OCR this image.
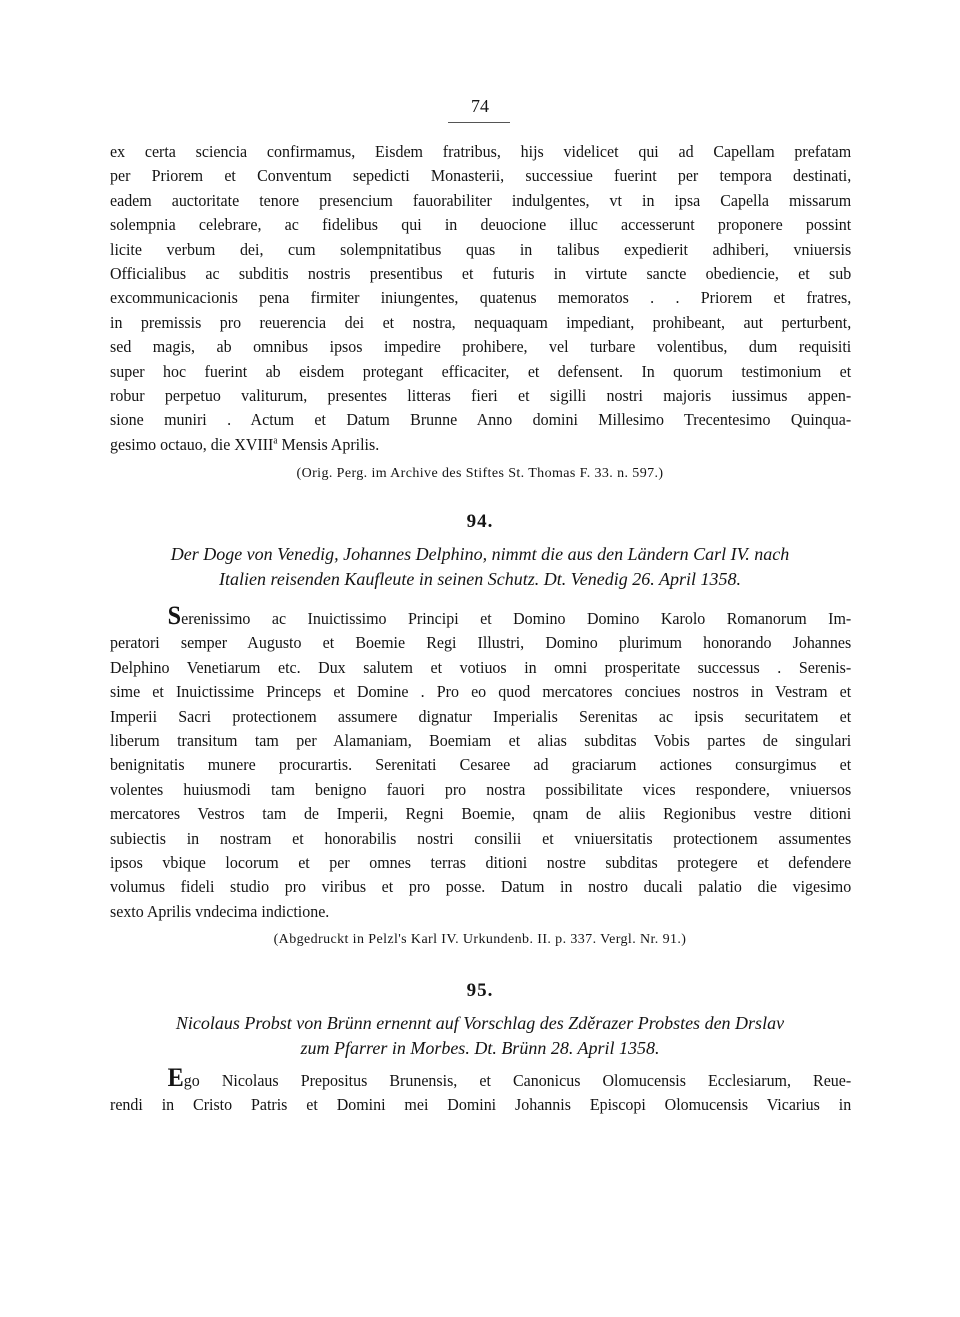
74
ex certa sciencia confirmamus, Eisdem fratribus, hijs videlicet qui ad Capellam prefatam
per Priorem et Conventum sepedicti Monasterii, successiue fuerint per tempora destinati,
eadem auctoritate tenore presencium fauorabiliter indulgentes, vt in ipsa Capella missarum
solempnia celebrare, ac fidelibus qui in deuocione illuc accesserunt proponere possint
licite verbum dei, cum solempnitatibus quas in talibus expedierit adhiberi, vniuersis
Officialibus ac subditis nostris presentibus et futuris in virtute sancte obediencie, et sub
excommunicacionis pena firmiter iniungentes, quatenus memoratos . . Priorem et fratres,
in premissis pro reuerencia dei et nostra, nequaquam impediant, prohibeant, aut perturbent,
sed magis, ab omnibus ipsos impedire prohibere, vel turbare volentibus, dum requisiti
super hoc fuerint ab eisdem protegant efficaciter, et defensent. In quorum testimonium et
robur perpetuo valiturum, presentes litteras fieri et sigilli nostri majoris iussimus appen-
sione muniri . Actum et Datum Brunne Anno domini Millesimo Trecentesimo Quinqua-
gesimo octauo, die XVIII$^a$ Mensis Aprilis.
(Orig. Perg. im Archive des Stiftes St. Thomas F. 33. n. 597.)
94.
Der Doge von Venedig, Johannes Delphino, nimmt die aus den Ländern Carl IV. nach
Italien reisenden Kaufleute in seinen Schutz. Dt. Venedig 26. April 1358.
Serenissimo ac Inuictissimo Principi et Domino Domino Karolo Romanorum Im-
peratori semper Augusto et Boemie Regi Illustri, Domino plurimum honorando Johannes
Delphino Venetiarum etc. Dux salutem et votiuos in omni prosperitate successus . Serenis-
sime et Inuictissime Princeps et Domine . Pro eo quod mercatores conciues nostros in Vestram et
Imperii Sacri protectionem assumere dignatur Imperialis Serenitas ac ipsis securitatem et
liberum transitum tam per Alamaniam, Boemiam et alias subditas Vobis partes de singulari
benignitatis munere procurartis. Serenitati Cesaree ad graciarum actiones consurgimus et
volentes huiusmodi tam benigno fauori pro nostra possibilitate vices respondere, vniuersos
mercatores Vestros tam de Imperii, Regni Boemie, qnam de aliis Regionibus vestre ditioni
subiectis in nostram et honorabilis nostri consilii et vniuersitatis protectionem assumentes
ipsos vbique locorum et per omnes terras ditioni nostre subditas protegere et defendere
volumus fideli studio pro viribus et pro posse. Datum in nostro ducali palatio die vigesimo
sexto Aprilis vndecima indictione.
(Abgedruckt in Pelzl's Karl IV. Urkundenb. II. p. 337. Vergl. Nr. 91.)
95.
Nicolaus Probst von Brünn ernennt auf Vorschlag des Zděrazer Probstes den Drslav
zum Pfarrer in Morbes. Dt. Brünn 28. April 1358.
Ego Nicolaus Prepositus Brunensis, et Canonicus Olomucensis Ecclesiarum, Reue-
rendi in Cristo Patris et Domini mei Domini Johannis Episcopi Olomucensis Vicarius in
